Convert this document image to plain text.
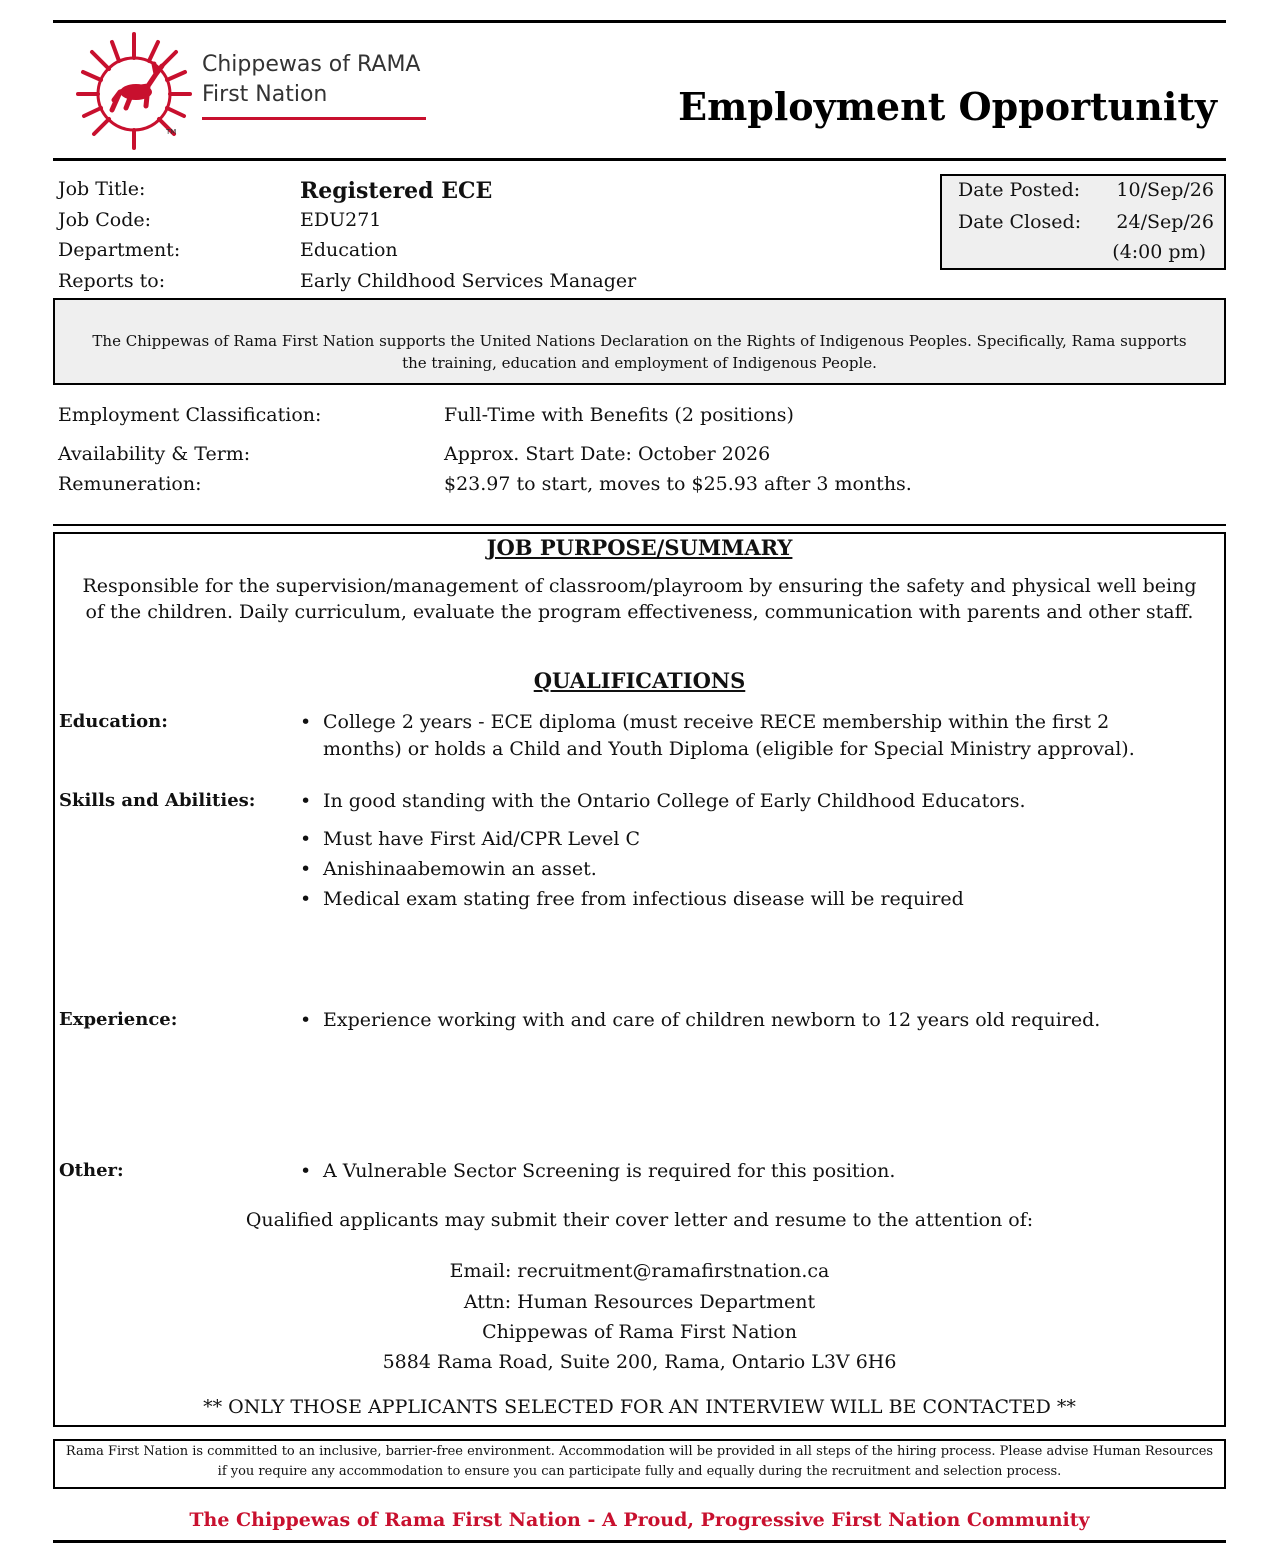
TM
Chippewas of RAMA
First Nation	Employment Opportunity
Job Title:	Registered ECE
Job Code:	EDU271
Department:	Education
Reports to:	Early Childhood Services Manager
Date Posted: 10/Sep/26
Date Closed: 24/Sep/26
(4:00 pm)
The Chippewas of Rama First Nation supports the United Nations Declaration on the Rights of Indigenous Peoples. Specifically, Rama supports the training, education and employment of Indigenous People.
Employment Classification:	Full-Time with Benefits (2 positions)
Availability & Term:	Approx. Start Date: October 2026
Remuneration:	$23.97 to start, moves to $25.93 after 3 months.
JOB PURPOSE/SUMMARY
Responsible for the supervision/management of classroom/playroom by ensuring the safety and physical well being of the children. Daily curriculum, evaluate the program effectiveness, communication with parents and other staff.
QUALIFICATIONS
Education:	• College 2 years - ECE diploma (must receive RECE membership within the first 2 months) or holds a Child and Youth Diploma (eligible for Special Ministry approval).
Skills and Abilities:	• In good standing with the Ontario College of Early Childhood Educators.
• Must have First Aid/CPR Level C
• Anishinaabemowin an asset.
• Medical exam stating free from infectious disease will be required
Experience:	• Experience working with and care of children newborn to 12 years old required.
Other:	• A Vulnerable Sector Screening is required for this position.
Qualified applicants may submit their cover letter and resume to the attention of:
Email: recruitment@ramafirstnation.ca
Attn: Human Resources Department
Chippewas of Rama First Nation
5884 Rama Road, Suite 200, Rama, Ontario L3V 6H6
** ONLY THOSE APPLICANTS SELECTED FOR AN INTERVIEW WILL BE CONTACTED **
Rama First Nation is committed to an inclusive, barrier-free environment. Accommodation will be provided in all steps of the hiring process. Please advise Human Resources if you require any accommodation to ensure you can participate fully and equally during the recruitment and selection process.
The Chippewas of Rama First Nation - A Proud, Progressive First Nation Community
